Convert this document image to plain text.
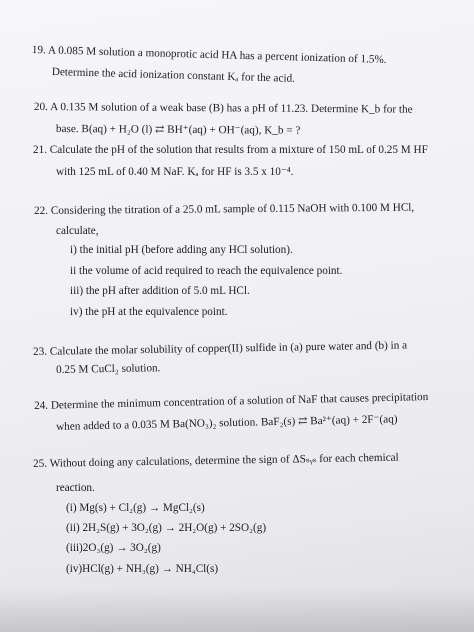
19. A 0.085 M solution a monoprotic acid HA has a percent ionization of 1.5%.
Determine the acid ionization constant Kₐ for the acid.
20. A 0.135 M solution of a weak base (B) has a pH of 11.23. Determine K_b for the
base. B(aq) + H₂O (l) ⇄ BH⁺(aq) + OH⁻(aq), K_b = ?
21. Calculate the pH of the solution that results from a mixture of 150 mL of 0.25 M HF
with 125 mL of 0.40 M NaF. Kₐ for HF is 3.5 x 10⁻⁴.
22. Considering the titration of a 25.0 mL sample of 0.115 NaOH with 0.100 M HCl,
calculate,
i) the initial pH (before adding any HCl solution).
ii the volume of acid required to reach the equivalence point.
iii) the pH after addition of 5.0 mL HCl.
iv) the pH at the equivalence point.
23. Calculate the molar solubility of copper(II) sulfide in (a) pure water and (b) in a
0.25 M CuCl₂ solution.
24. Determine the minimum concentration of a solution of NaF that causes precipitation
when added to a 0.035 M Ba(NO₃)₂ solution. BaF₂(s) ⇄ Ba²⁺(aq) + 2F⁻(aq)
25. Without doing any calculations, determine the sign of ΔSₛᵧₛ for each chemical
reaction.
(i) Mg(s) + Cl₂(g) → MgCl₂(s)
(ii) 2H₂S(g) + 3O₂(g) → 2H₂O(g) + 2SO₂(g)
(iii)2O₃(g) → 3O₂(g)
(iv)HCl(g) + NH₃(g) → NH₄Cl(s)
